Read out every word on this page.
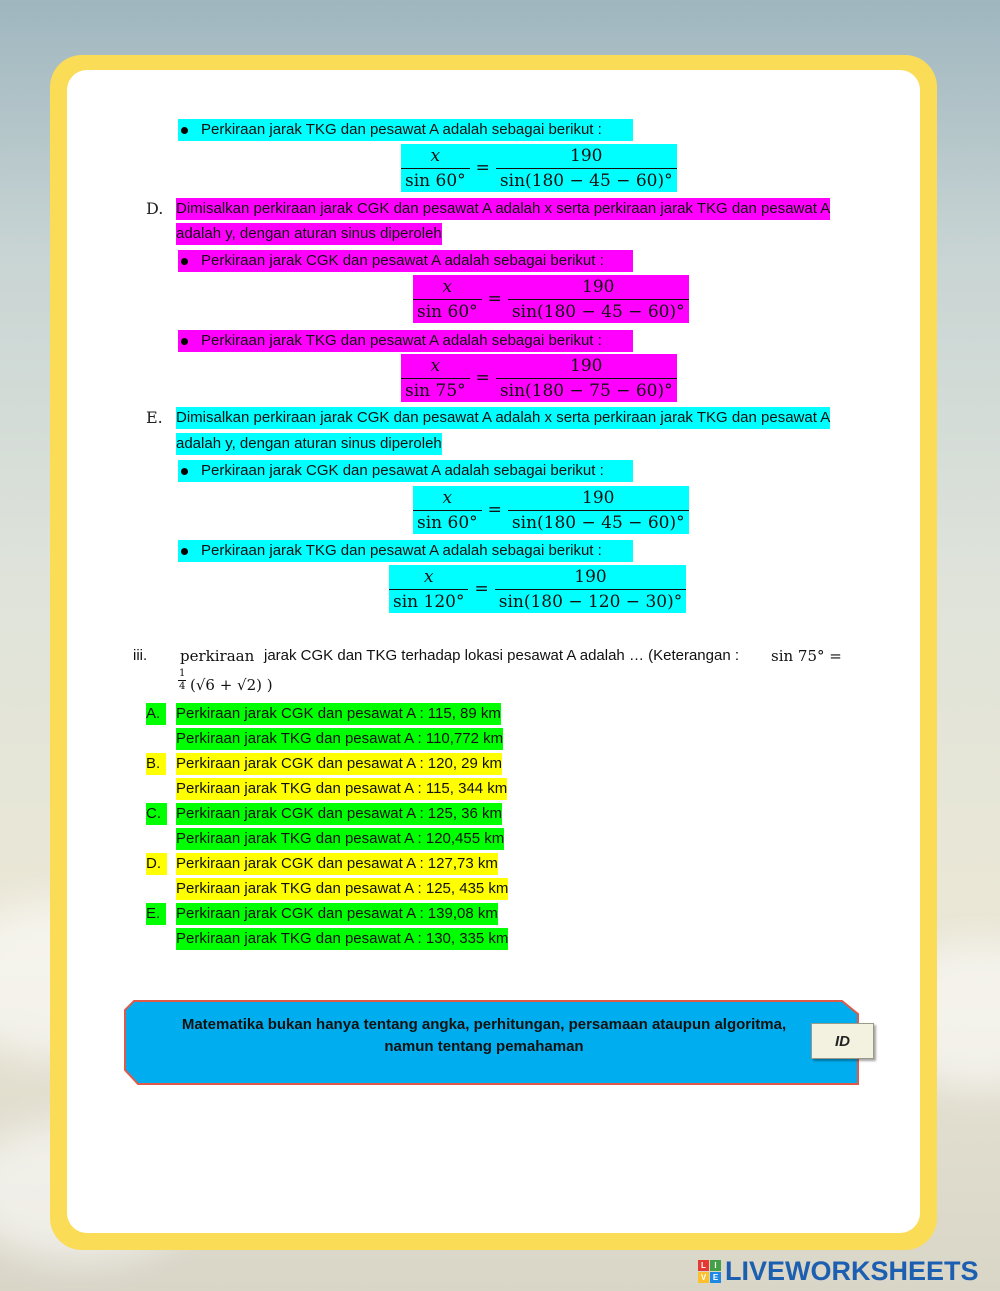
Perkiraan jarak TKG dan pesawat A adalah sebagai berikut :
$\frac{x}{\sin 60^\circ} = \frac{190}{\sin(180 - 45 - 60)^\circ}$
D. Dimisalkan perkiraan jarak CGK dan pesawat A adalah x serta perkiraan jarak TKG dan pesawat A
adalah y, dengan aturan sinus diperoleh
Perkiraan jarak CGK dan pesawat A adalah sebagai berikut :
$\frac{x}{\sin 60^\circ} = \frac{190}{\sin(180 - 45 - 60)^\circ}$
Perkiraan jarak TKG dan pesawat A adalah sebagai berikut :
$\frac{x}{\sin 75^\circ} = \frac{190}{\sin(180 - 75 - 60)^\circ}$
E. Dimisalkan perkiraan jarak CGK dan pesawat A adalah x serta perkiraan jarak TKG dan pesawat A
adalah y, dengan aturan sinus diperoleh
Perkiraan jarak CGK dan pesawat A adalah sebagai berikut :
$\frac{x}{\sin 60^\circ} = \frac{190}{\sin(180 - 45 - 60)^\circ}$
Perkiraan jarak TKG dan pesawat A adalah sebagai berikut :
$\frac{x}{\sin 120^\circ} = \frac{190}{\sin(180 - 120 - 30)^\circ}$
iii. perkiraan jarak CGK dan TKG terhadap lokasi pesawat A adalah … (Keterangan : sin 75° =
$\frac{1}{4} (√6 + √2)$ )
A.	Perkiraan jarak CGK dan pesawat A : 115, 89 km
Perkiraan jarak TKG dan pesawat A : 110,772 km
B.	Perkiraan jarak CGK dan pesawat A : 120, 29 km
Perkiraan jarak TKG dan pesawat A : 115, 344 km
C.	Perkiraan jarak CGK dan pesawat A : 125, 36 km
Perkiraan jarak TKG dan pesawat A : 120,455 km
D.	Perkiraan jarak CGK dan pesawat A : 127,73 km
Perkiraan jarak TKG dan pesawat A : 125, 435 km
E.	Perkiraan jarak CGK dan pesawat A : 139,08 km
Perkiraan jarak TKG dan pesawat A : 130, 335 km
Matematika bukan hanya tentang angka, perhitungan, persamaan ataupun algoritma,
namun tentang pemahaman	ID
L	I
V E LIVEWORKSHEETS
